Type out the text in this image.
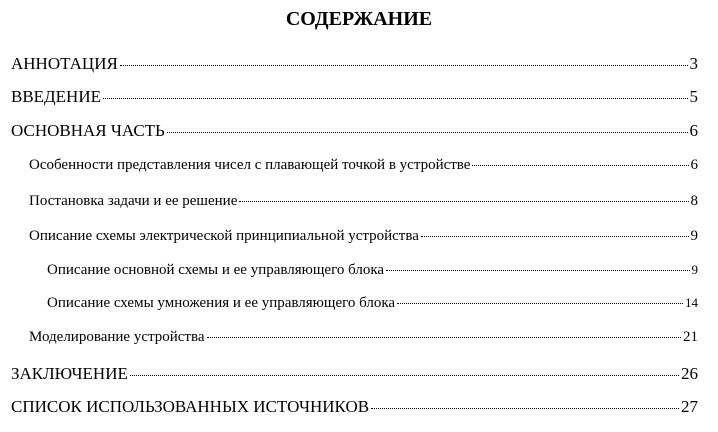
СОДЕРЖАНИЕ
АННОТАЦИЯ	3
ВВЕДЕНИЕ	5
ОСНОВНАЯ ЧАСТЬ	6
Особенности представления чисел с плавающей точкой в устройстве	6
Постановка задачи и ее решение	8
Описание схемы электрической принципиальной устройства	9
Описание основной схемы и ее управляющего блока	9
Описание схемы умножения и ее управляющего блока	14
Моделирование устройства	21
ЗАКЛЮЧЕНИЕ	26
СПИСОК ИСПОЛЬЗОВАННЫХ ИСТОЧНИКОВ	27
